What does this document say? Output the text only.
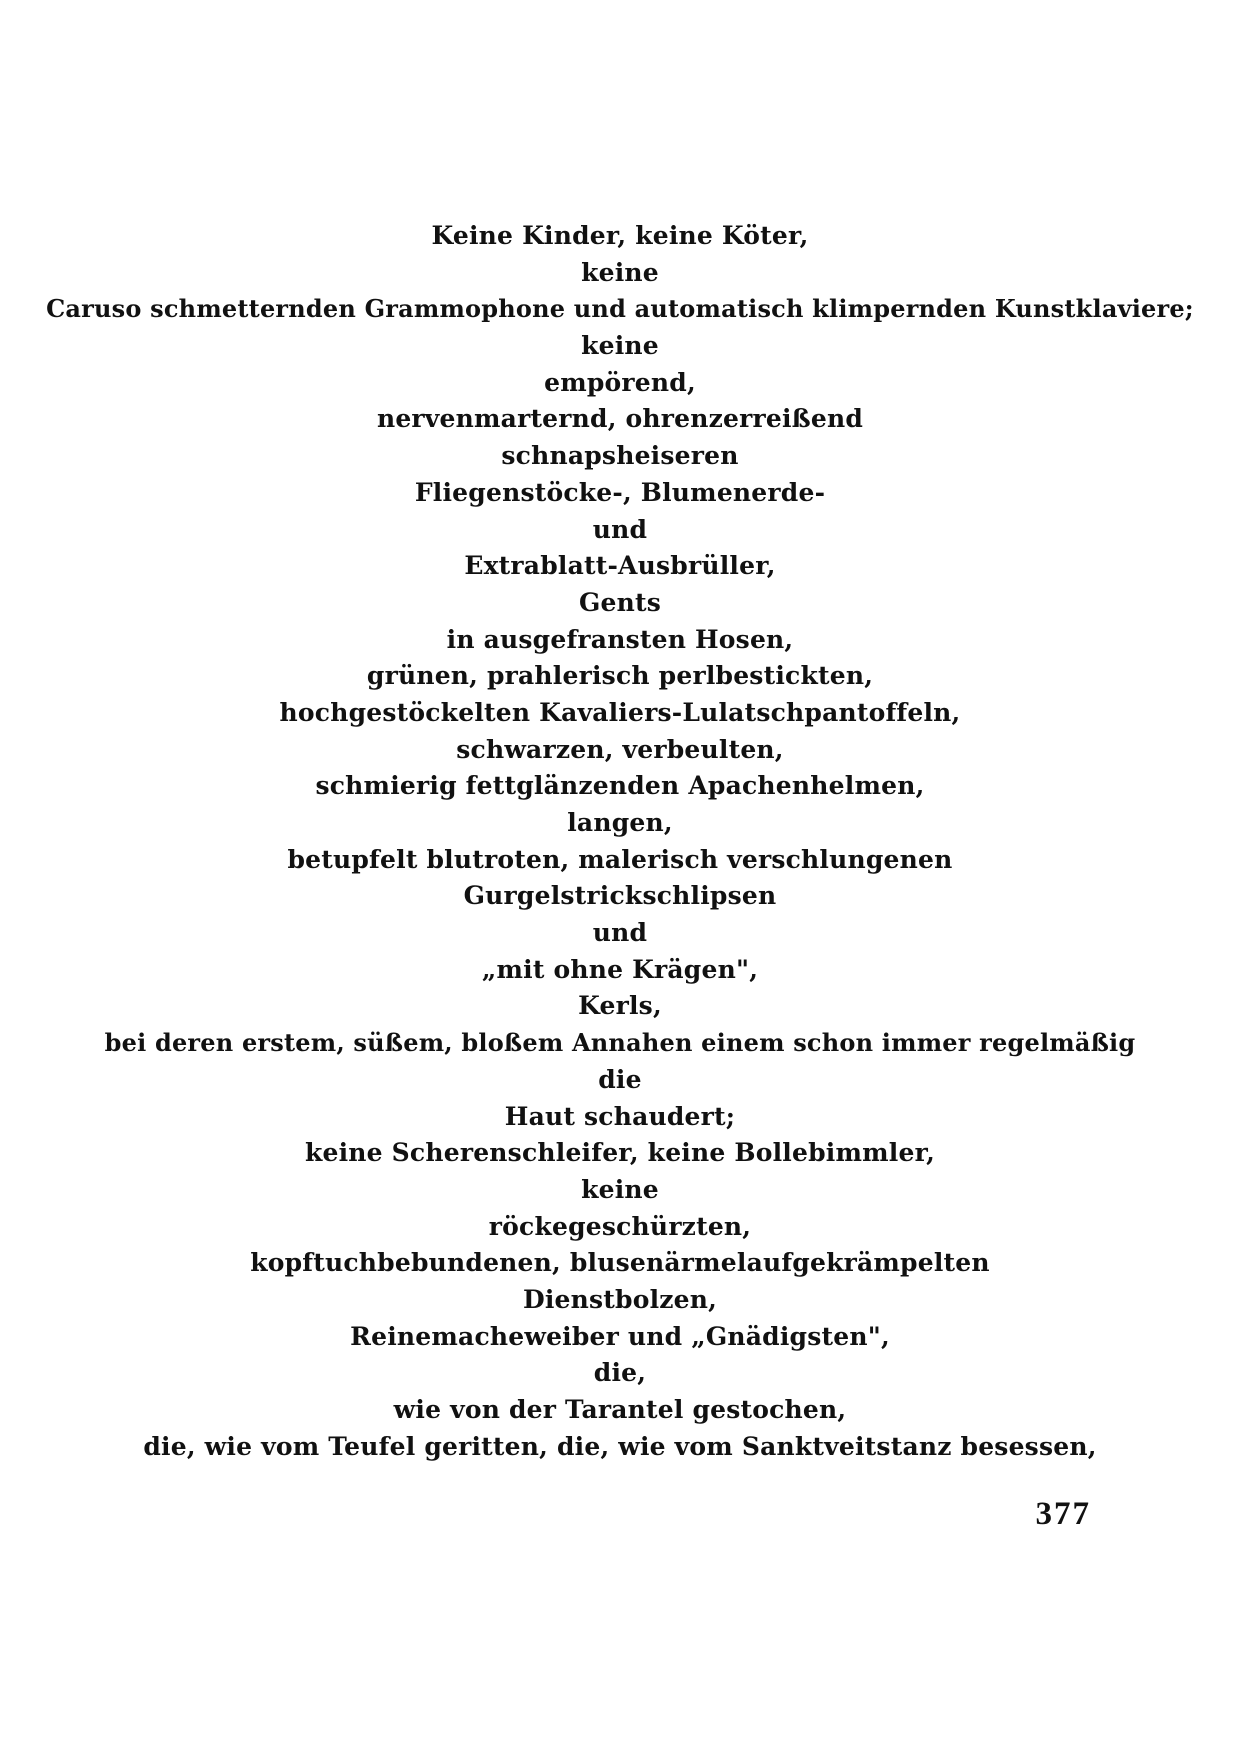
Keine Kinder, keine Köter,
keine
Caruso schmetternden Grammophone und automatisch klimpernden Kunstklaviere;
keine
empörend,
nervenmarternd, ohrenzerreißend
schnapsheiseren
Fliegenstöcke-, Blumenerde-
und
Extrablatt-Ausbrüller,
Gents
in ausgefransten Hosen,
grünen, prahlerisch perlbestickten,
hochgestöckelten Kavaliers-Lulatschpantoffeln,
schwarzen, verbeulten,
schmierig fettglänzenden Apachenhelmen,
langen,
betupfelt blutroten, malerisch verschlungenen
Gurgelstrickschlipsen
und
„mit ohne Krägen",
Kerls,
bei deren erstem, süßem, bloßem Annahen einem schon immer regelmäßig
die
Haut schaudert;
keine Scherenschleifer, keine Bollebimmler,
keine
röckegeschürzten,
kopftuchbebundenen, blusenärmelaufgekrämpelten
Dienstbolzen,
Reinemacheweiber und „Gnädigsten",
die,
wie von der Tarantel gestochen,
die, wie vom Teufel geritten, die, wie vom Sanktveitstanz besessen,
377
